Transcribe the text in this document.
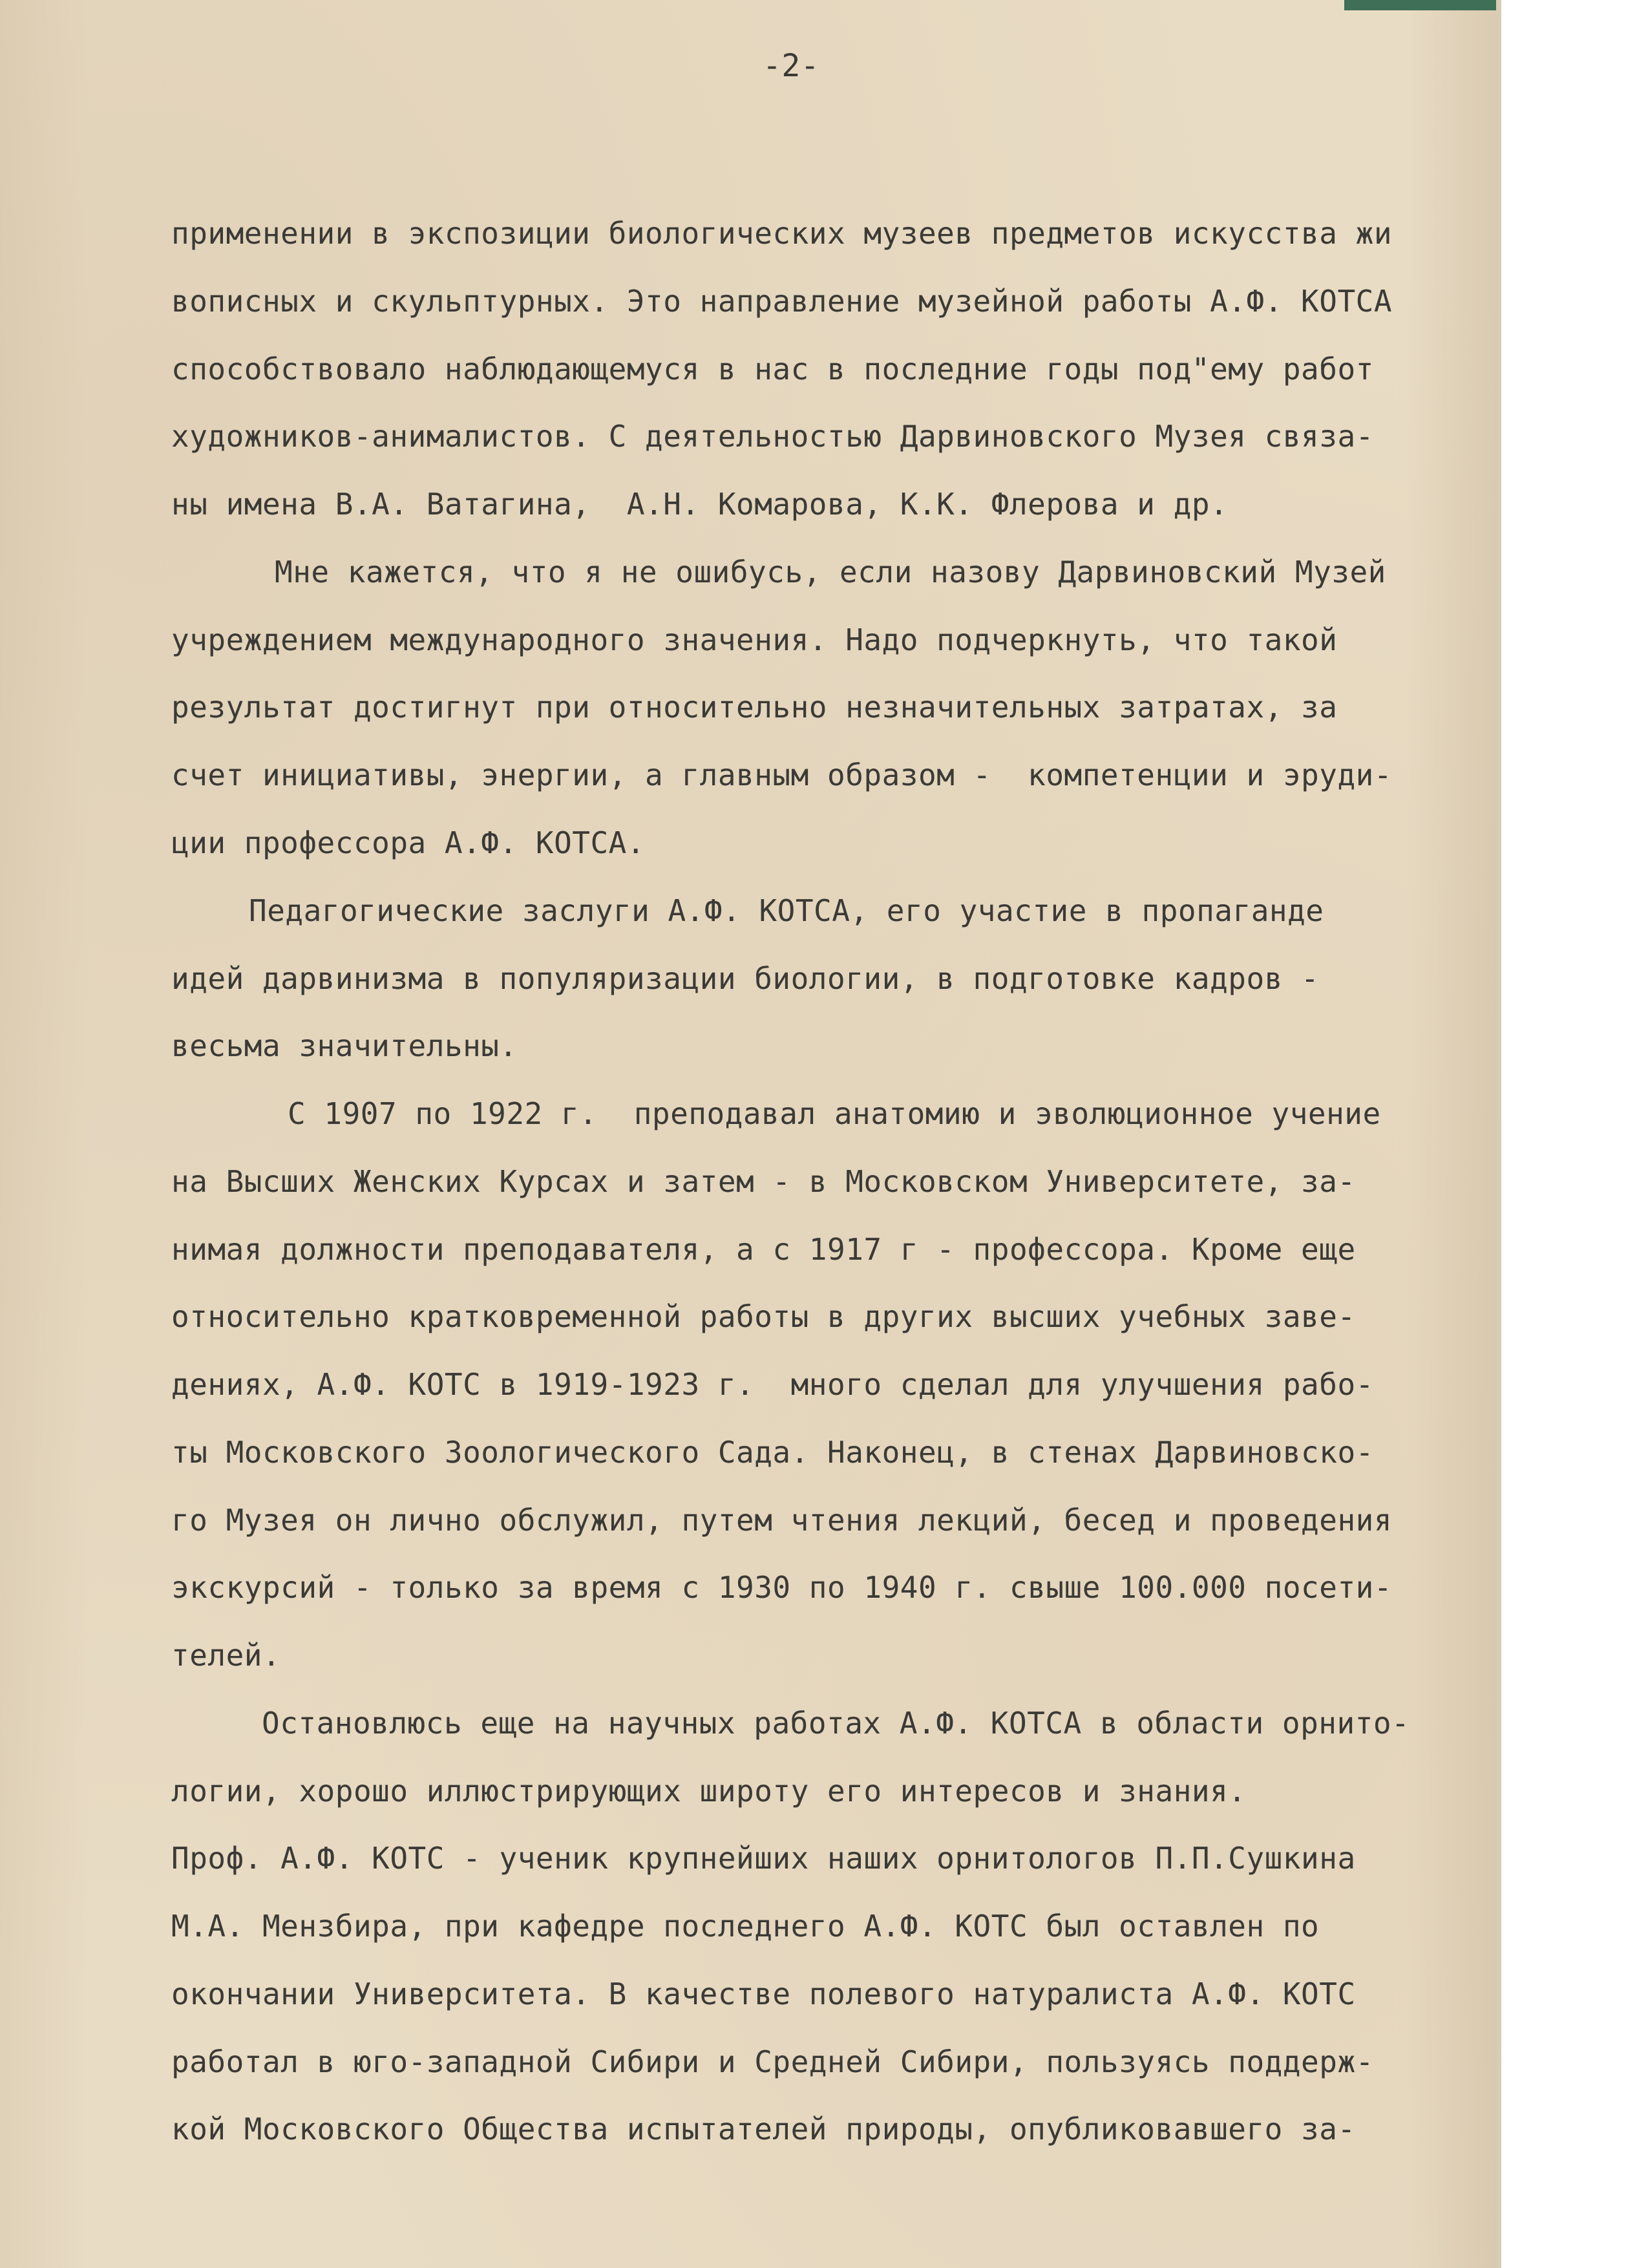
-2-
применении в экспозиции биологических музеев предметов искусства жи
вописных и скульптурных. Это направление музейной работы А.Ф. КОТСА
способствовало наблюдающемуся в нас в последние годы под"ему работ
художников-анималистов. С деятельностью Дарвиновского Музея связа-
ны имена В.А. Ватагина,  А.Н. Комарова, К.К. Флерова и др.
Мне кажется, что я не ошибусь, если назову Дарвиновский Музей
учреждением международного значения. Надо подчеркнуть, что такой
результат достигнут при относительно незначительных затратах, за
счет инициативы, энергии, а главным образом -  компетенции и эруди-
ции профессора А.Ф. КОТСА.
Педагогические заслуги А.Ф. КОТСА, его участие в пропаганде
идей дарвинизма в популяризации биологии, в подготовке кадров -
весьма значительны.
С 1907 по 1922 г.  преподавал анатомию и эволюционное учение
на Высших Женских Курсах и затем - в Московском Университете, за-
нимая должности преподавателя, а с 1917 г - профессора. Кроме еще
относительно кратковременной работы в других высших учебных заве-
дениях, А.Ф. КОТС в 1919-1923 г.  много сделал для улучшения рабо-
ты Московского Зоологического Сада. Наконец, в стенах Дарвиновско-
го Музея он лично обслужил, путем чтения лекций, бесед и проведения
экскурсий - только за время с 1930 по 1940 г. свыше 100.000 посети-
телей.
Остановлюсь еще на научных работах А.Ф. КОТСА в области орнито-
логии, хорошо иллюстрирующих широту его интересов и знания.
Проф. А.Ф. КОТС - ученик крупнейших наших орнитологов П.П.Сушкина
М.А. Мензбира, при кафедре последнего А.Ф. КОТС был оставлен по
окончании Университета. В качестве полевого натуралиста А.Ф. КОТС
работал в юго-западной Сибири и Средней Сибири, пользуясь поддерж-
кой Московского Общества испытателей природы, опубликовавшего за-
